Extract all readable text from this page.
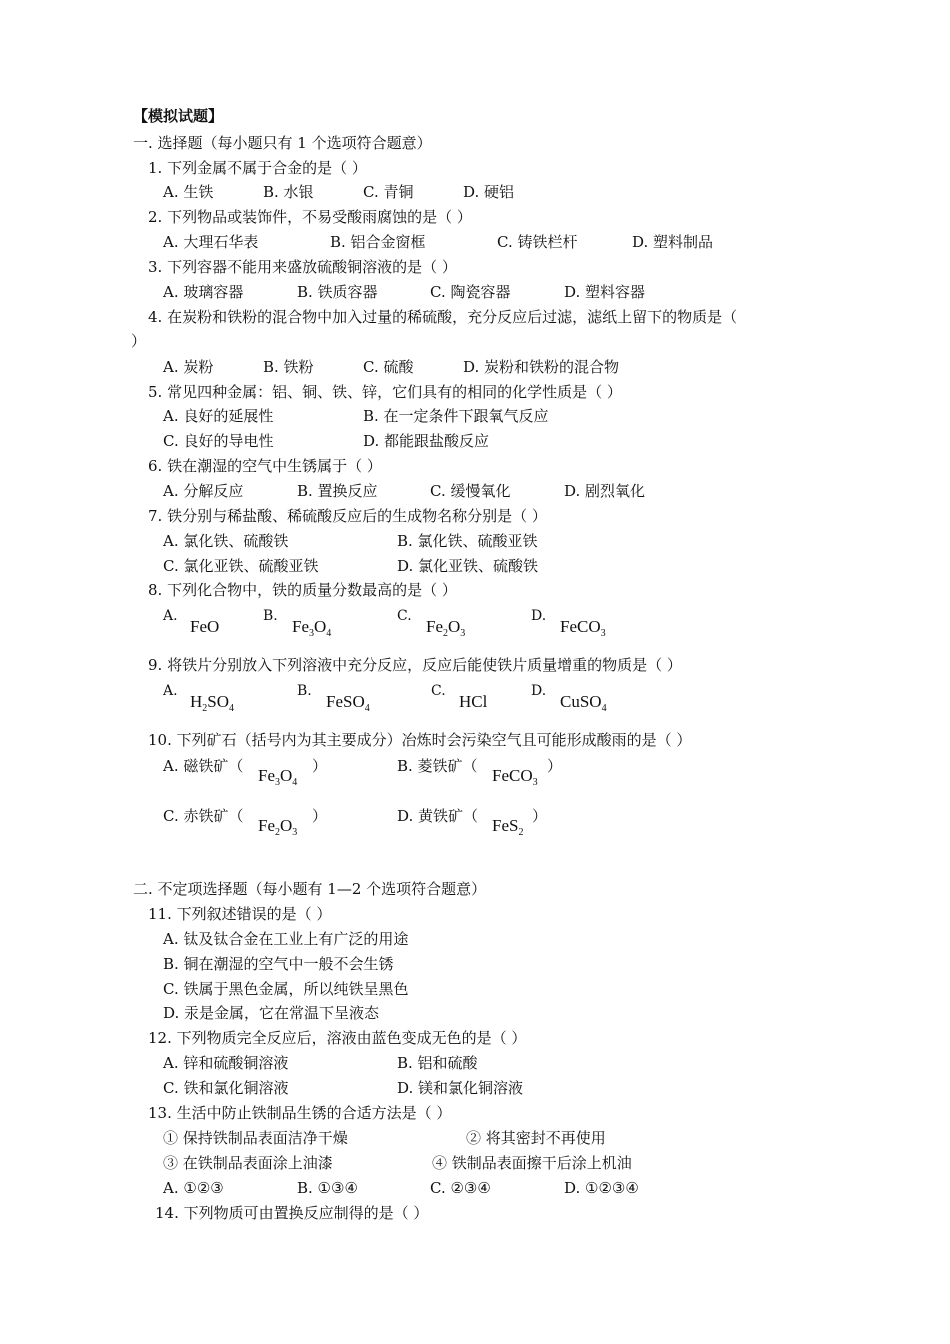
【模拟试题】
一. 选择题（每小题只有 1 个选项符合题意）
1. 下列金属不属于合金的是（ ）
A. 生铁	B. 水银	C. 青铜	D. 硬铝
2. 下列物品或装饰件，不易受酸雨腐蚀的是（ ）
A. 大理石华表	B. 铝合金窗框	C. 铸铁栏杆	D. 塑料制品
3. 下列容器不能用来盛放硫酸铜溶液的是（ ）
A. 玻璃容器	B. 铁质容器	C. 陶瓷容器	D. 塑料容器
4. 在炭粉和铁粉的混合物中加入过量的稀硫酸，充分反应后过滤，滤纸上留下的物质是（
）
A. 炭粉	B. 铁粉	C. 硫酸	D. 炭粉和铁粉的混合物
5. 常见四种金属：铝、铜、铁、锌，它们具有的相同的化学性质是（ ）
A. 良好的延展性	B. 在一定条件下跟氧气反应
C. 良好的导电性	D. 都能跟盐酸反应
6. 铁在潮湿的空气中生锈属于（ ）
A. 分解反应	B. 置换反应	C. 缓慢氧化	D. 剧烈氧化
7. 铁分别与稀盐酸、稀硫酸反应后的生成物名称分别是（ ）
A. 氯化铁、硫酸铁	B. 氯化铁、硫酸亚铁
C. 氯化亚铁、硫酸亚铁	D. 氯化亚铁、硫酸铁
8. 下列化合物中，铁的质量分数最高的是（ ）
A.	B.	C.	D.
FeO	$Fe_3O_4$	$Fe_2O_3$	FeCO$_3$
9. 将铁片分别放入下列溶液中充分反应，反应后能使铁片质量增重的物质是（ ）
A.	B.	C.	D.
$H_2SO_4$	FeSO$_4$	HCl	CuSO$_4$
10. 下列矿石（括号内为其主要成分）冶炼时会污染空气且可能形成酸雨的是（ ）
A. 磁铁矿（ $Fe_3O_4$
）	B. 菱铁矿（ FeCO$_3$
）
C. 赤铁矿（ $Fe_2O_3$
）	D. 黄铁矿（ FeS$_2$
）
二. 不定项选择题（每小题有 1—2 个选项符合题意）
11. 下列叙述错误的是（ ）
A. 钛及钛合金在工业上有广泛的用途
B. 铜在潮湿的空气中一般不会生锈
C. 铁属于黑色金属，所以纯铁呈黑色
D. 汞是金属，它在常温下呈液态
12. 下列物质完全反应后，溶液由蓝色变成无色的是（ ）
A. 锌和硫酸铜溶液	B. 铝和硫酸
C. 铁和氯化铜溶液	D. 镁和氯化铜溶液
13. 生活中防止铁制品生锈的合适方法是（ ）
① 保持铁制品表面洁净干燥	② 将其密封不再使用
③ 在铁制品表面涂上油漆	④ 铁制品表面擦干后涂上机油
A. ①②③	B. ①③④	C. ②③④	D. ①②③④
14. 下列物质可由置换反应制得的是（ ）
